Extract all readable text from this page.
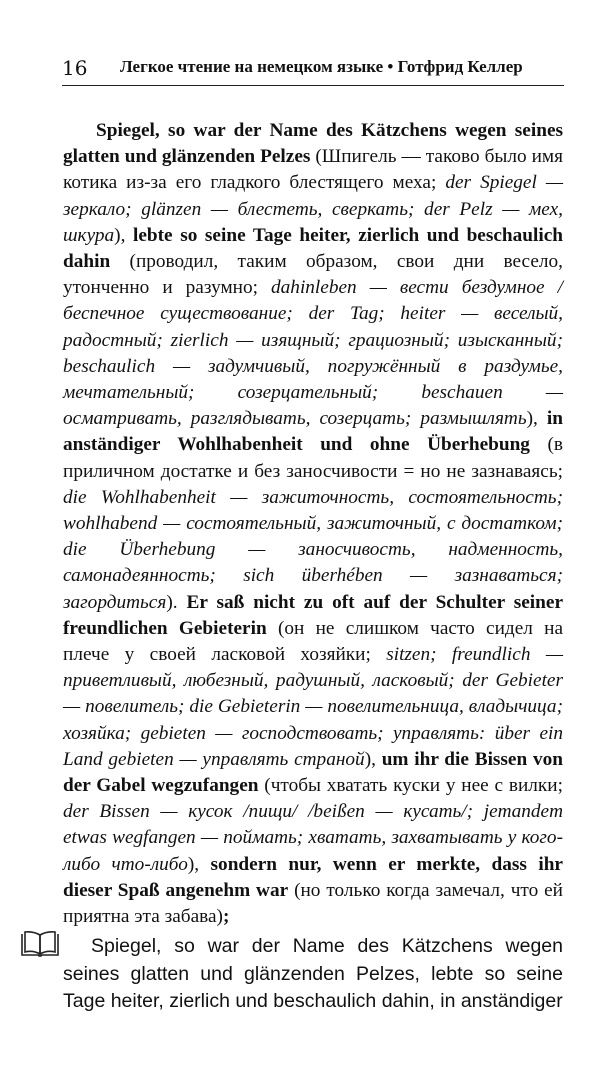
16 Легкое чтение на немецком языке • Готфрид Келлер

Spiegel, so war der Name des Kätzchens wegen seines glatten und glänzenden Pelzes (Шпигель — таково было имя котика из-за его гладкого блестящего меха; der Spiegel — зеркало; glänzen — блестеть, сверкать; der Pelz — мех, шкура), lebte so seine Tage heiter, zierlich und beschaulich dahin (проводил, таким образом, свои дни весело, утонченно и разумно; dahinleben — вести бездумное / беспечное существование; der Tag; heiter — веселый, радостный; zierlich — изящный; грациозный; изысканный; beschaulich — задумчивый, погружённый в раздумье, мечтательный; созерцательный; beschauen — осматривать, разглядывать, созерцать; размышлять), in anständiger Wohlhabenheit und ohne Überhebung (в приличном достатке и без заносчивости = но не зазнаваясь; die Wohlhabenheit — зажиточность, состоятельность; wohlhabend — состоятельный, зажиточный, с достатком; die Überhebung — заносчивость, надменность, самонадеянность; sich überhében — зазнаваться; загордиться). Er saß nicht zu oft auf der Schulter seiner freundlichen Gebieterin (он не слишком часто сидел на плече у своей ласковой хозяйки; sitzen; freundlich — приветливый, любезный, радушный, ласковый; der Gebieter — повелитель; die Gebieterin — повелительница, владычица; хозяйка; gebieten — господствовать; управлять: über ein Land gebieten — управлять страной), um ihr die Bissen von der Gabel wegzufangen (чтобы хватать куски у нее с вилки; der Bissen — кусок /пищи/ /beißen — кусать/; jemandem etwas wegfangen — поймать; хватать, захватывать у кого-либо что-либо), sondern nur, wenn er merkte, dass ihr dieser Spaß angenehm war (но только когда замечал, что ей приятна эта забава);

Spiegel, so war der Name des Kätzchens wegen seines glatten und glänzenden Pelzes, lebte so seine Tage heiter, zierlich und beschaulich dahin, in anständiger
